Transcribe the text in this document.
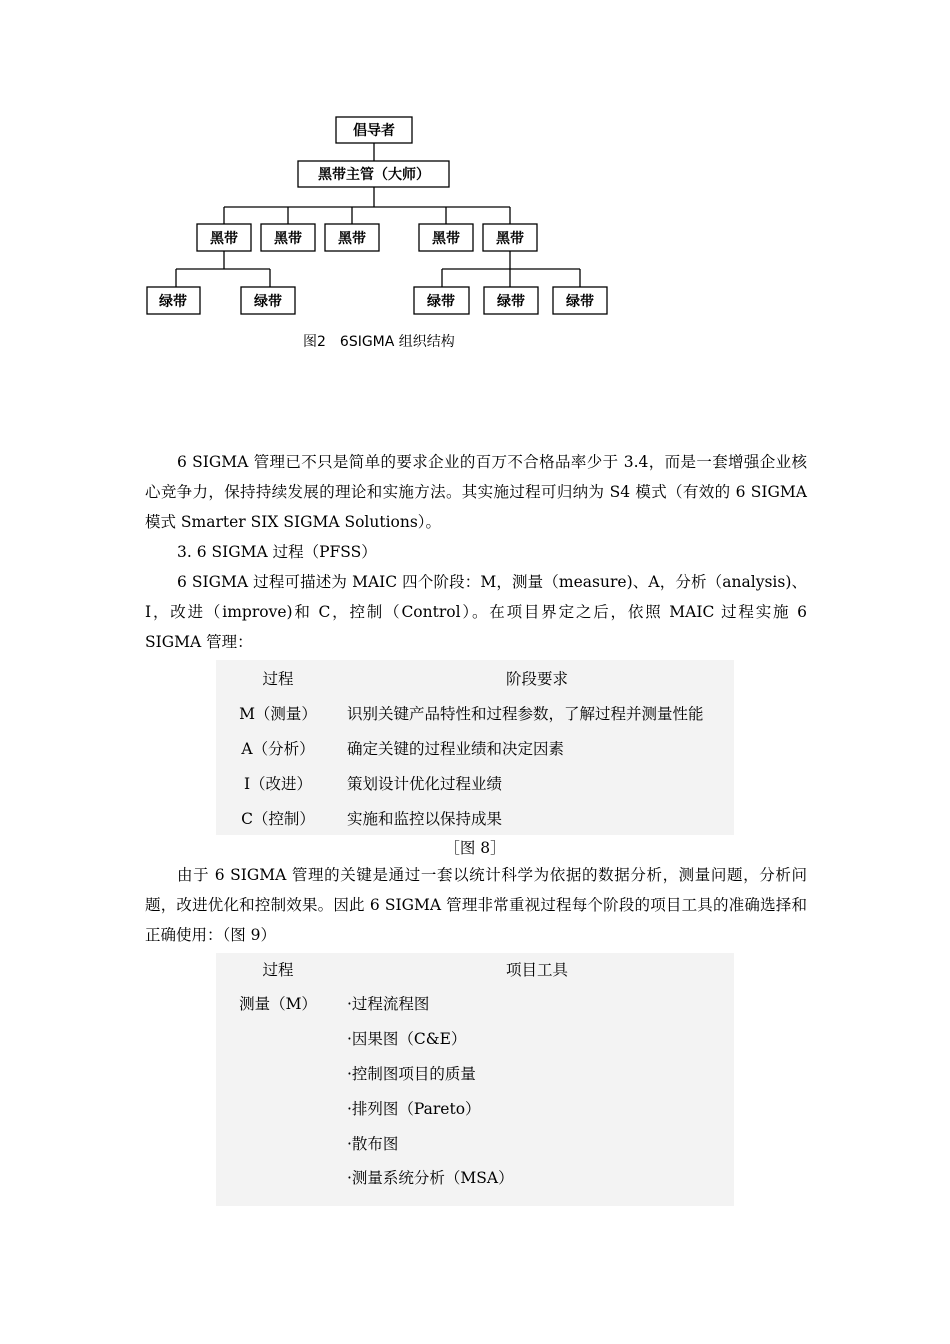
倡导者
黑带主管（大师）
黑带	黑带	黑带	黑带	黑带
绿带	绿带	绿带	绿带	绿带
图2　6SIGMA 组织结构

6 SIGMA 管理已不只是简单的要求企业的百万不合格品率少于 3.4，而是一套增强企业核心竞争力，保持持续发展的理论和实施方法。其实施过程可归纳为 S4 模式（有效的 6 SIGMA 模式 Smarter SIX SIGMA Solutions）。

3. 6 SIGMA 过程（PFSS）

6 SIGMA 过程可描述为 MAIC 四个阶段：M，测量（measure)、A，分析（analysis)、I，改进（improve)和 C，控制（Control）。在项目界定之后，依照 MAIC 过程实施 6 SIGMA 管理：

过程	阶段要求
M（测量）	识别关键产品特性和过程参数，了解过程并测量性能
A（分析）	确定关键的过程业绩和决定因素
I（改进）	策划设计优化过程业绩
C（控制）	实施和监控以保持成果
［图 8］

由于 6 SIGMA 管理的关键是通过一套以统计科学为依据的数据分析，测量问题，分析问题，改进优化和控制效果。因此 6 SIGMA 管理非常重视过程每个阶段的项目工具的准确选择和正确使用：（图 9）

过程	项目工具
测量（M）	·过程流程图
	·因果图（C&E）
	·控制图项目的质量
	·排列图（Pareto）
	·散布图
	·测量系统分析（MSA）
